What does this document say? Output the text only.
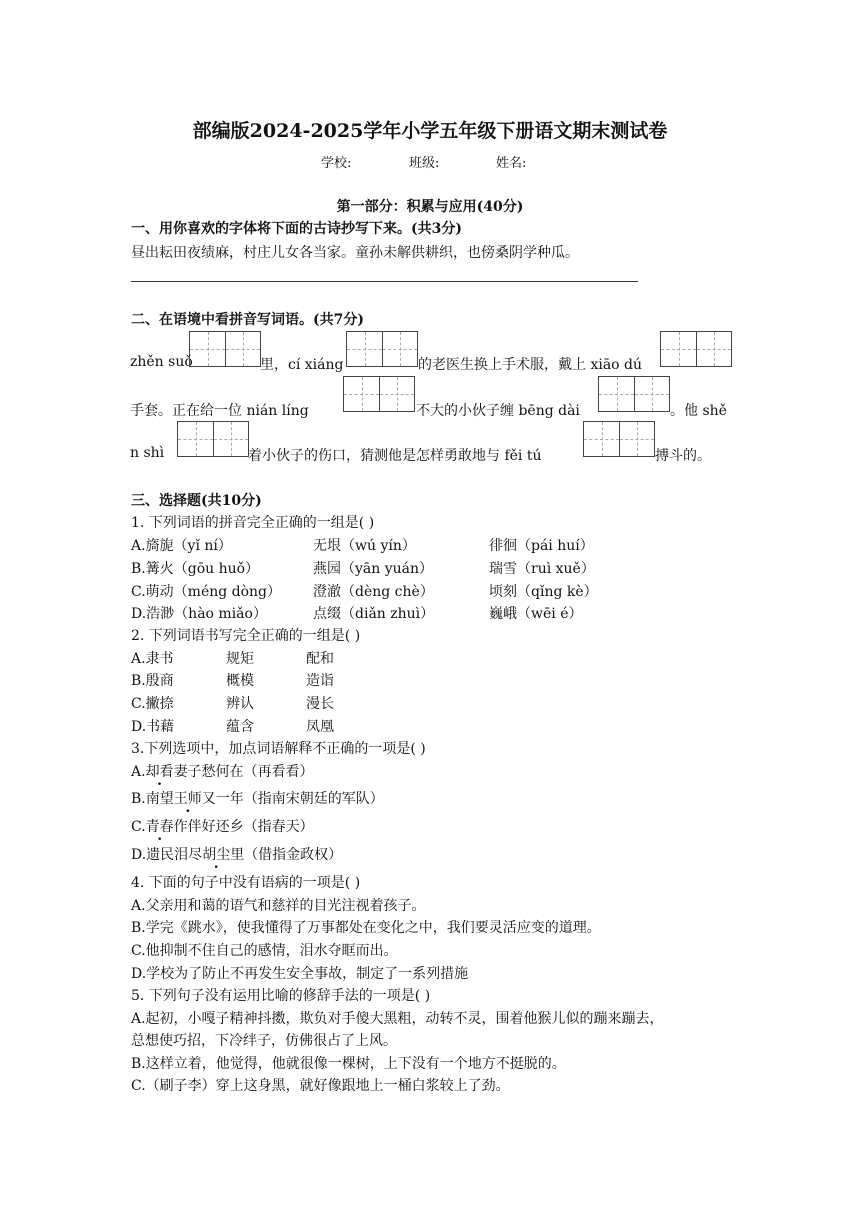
部编版2024-2025学年小学五年级下册语文期末测试卷
学校:	班级:	姓名:
第一部分：积累与应用(40分)
一、用你喜欢的字体将下面的古诗抄写下来。(共3分)
昼出耘田夜绩麻，村庄儿女各当家。童孙未解供耕织，也傍桑阴学种瓜。
二、在语境中看拼音写词语。(共7分)
zhěn suǒ	里，cí xiáng	的老医生换上手术服，戴上 xiāo dú
手套。正在给一位 nián líng	不大的小伙子缠 bēng dài	。他 shě
n shì	着小伙子的伤口，猜测他是怎样勇敢地与 fěi tú	搏斗的。
三、选择题(共10分)
1. 下列词语的拼音完全正确的一组是( )
A.旖旎（yǐ ní）	无垠（wú yín）	徘徊（pái huí）
B.篝火（gōu huǒ）	燕园（yān yuán）	瑞雪（ruì xuě）
C.萌动（méng dòng） 澄澈（dèng chè）	顷刻（qǐng kè）
D.浩渺（hào miǎo）	点缀（diǎn zhuì）	巍峨（wēi é）
2. 下列词语书写完全正确的一组是( )
A.隶书	规矩	配和
B.殷商	概模	造诣
C.撇捺	辨认	漫长
D.书藉	蕴含	凤凰
3.下列选项中，加点词语解释不正确的一项是( )
A.却看妻子愁何在（再看看）
B.南望王师又一年（指南宋朝廷的军队）
C.青春作伴好还乡（指春天）
D.遗民泪尽胡尘里（借指金政权）
4. 下面的句子中没有语病的一项是( )
A.父亲用和蔼的语气和慈祥的目光注视着孩子。
B.学完《跳水》，使我懂得了万事都处在变化之中，我们要灵活应变的道理。
C.他抑制不住自己的感情，泪水夺眶而出。
D.学校为了防止不再发生安全事故，制定了一系列措施
5. 下列句子没有运用比喻的修辞手法的一项是( )
A.起初，小嘎子精神抖擞，欺负对手傻大黑粗，动转不灵，围着他猴儿似的蹦来蹦去，
总想使巧招，下冷绊子，仿佛很占了上风。
B.这样立着，他觉得，他就很像一棵树，上下没有一个地方不挺脱的。
C.（刷子李）穿上这身黑，就好像跟地上一桶白浆较上了劲。
